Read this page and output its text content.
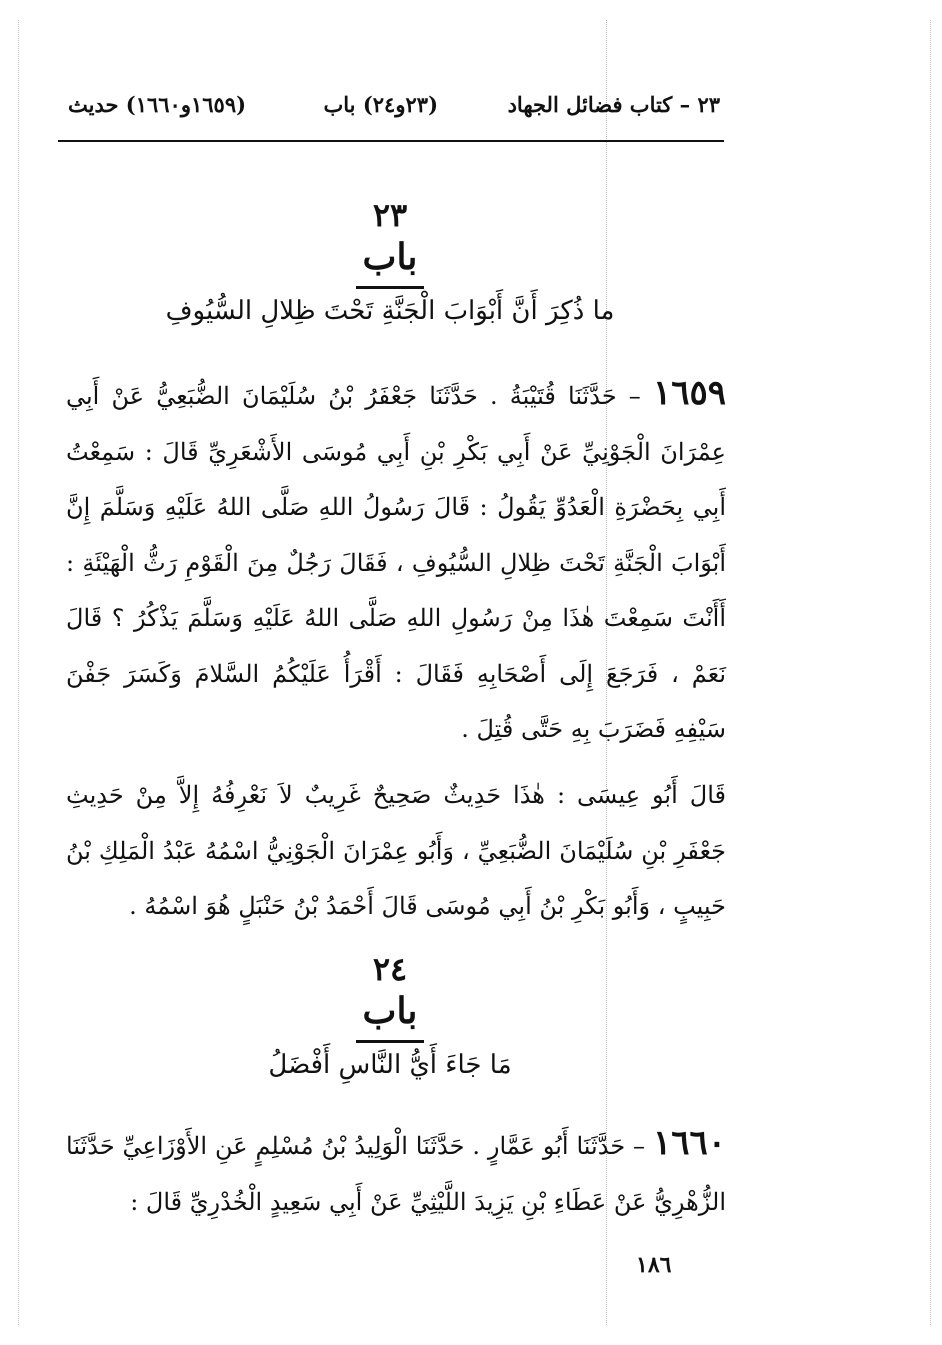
٢٣ – كتاب فضائل الجهاد
(٢٣و٢٤) باب
(١٦٥٩و١٦٦٠) حديث
٢٣
باب
ما ذُكِرَ أَنَّ أَبْوَابَ الْجَنَّةِ تَحْتَ ظِلالِ السُّيُوفِ
١٦٥٩ – حَدَّثَنَا قُتَيْبَةُ . حَدَّثَنَا جَعْفَرُ بْنُ سُلَيْمَانَ الضُّبَعِيُّ عَنْ أَبِي عِمْرَانَ الْجَوْنِيِّ عَنْ أَبِي بَكْرِ بْنِ أَبِي مُوسَى الأَشْعَرِيِّ قَالَ : سَمِعْتُ أَبِي بِحَضْرَةِ الْعَدُوِّ يَقُولُ : قَالَ رَسُولُ اللهِ صَلَّى اللهُ عَلَيْهِ وَسَلَّمَ إِنَّ أَبْوَابَ الْجَنَّةِ تَحْتَ ظِلالِ السُّيُوفِ ، فَقَالَ رَجُلٌ مِنَ الْقَوْمِ رَثُّ الْهَيْئَةِ : أَأَنْتَ سَمِعْتَ هٰذَا مِنْ رَسُولِ اللهِ صَلَّى اللهُ عَلَيْهِ وَسَلَّمَ يَذْكُرُ ؟ قَالَ نَعَمْ ، فَرَجَعَ إِلَى أَصْحَابِهِ فَقَالَ : أَقْرَأُ عَلَيْكُمُ السَّلامَ وَكَسَرَ جَفْنَ سَيْفِهِ فَضَرَبَ بِهِ حَتَّى قُتِلَ .
قَالَ أَبُو عِيسَى : هٰذَا حَدِيثٌ صَحِيحٌ غَرِيبٌ لاَ نَعْرِفُهُ إِلاَّ مِنْ حَدِيثِ جَعْفَرِ بْنِ سُلَيْمَانَ الضُّبَعِيِّ ، وَأَبُو عِمْرَانَ الْجَوْنِيُّ اسْمُهُ عَبْدُ الْمَلِكِ بْنُ حَبِيبٍ ، وَأَبُو بَكْرِ بْنُ أَبِي مُوسَى قَالَ أَحْمَدُ بْنُ حَنْبَلٍ هُوَ اسْمُهُ .
٢٤
باب
مَا جَاءَ أَيُّ النَّاسِ أَفْضَلُ
١٦٦٠ – حَدَّثَنَا أَبُو عَمَّارٍ . حَدَّثَنَا الْوَلِيدُ بْنُ مُسْلِمٍ عَنِ الأَوْزَاعِيِّ حَدَّثَنَا الزُّهْرِيُّ عَنْ عَطَاءِ بْنِ يَزِيدَ اللَّيْثِيِّ عَنْ أَبِي سَعِيدٍ الْخُدْرِيِّ قَالَ :
١٨٦
